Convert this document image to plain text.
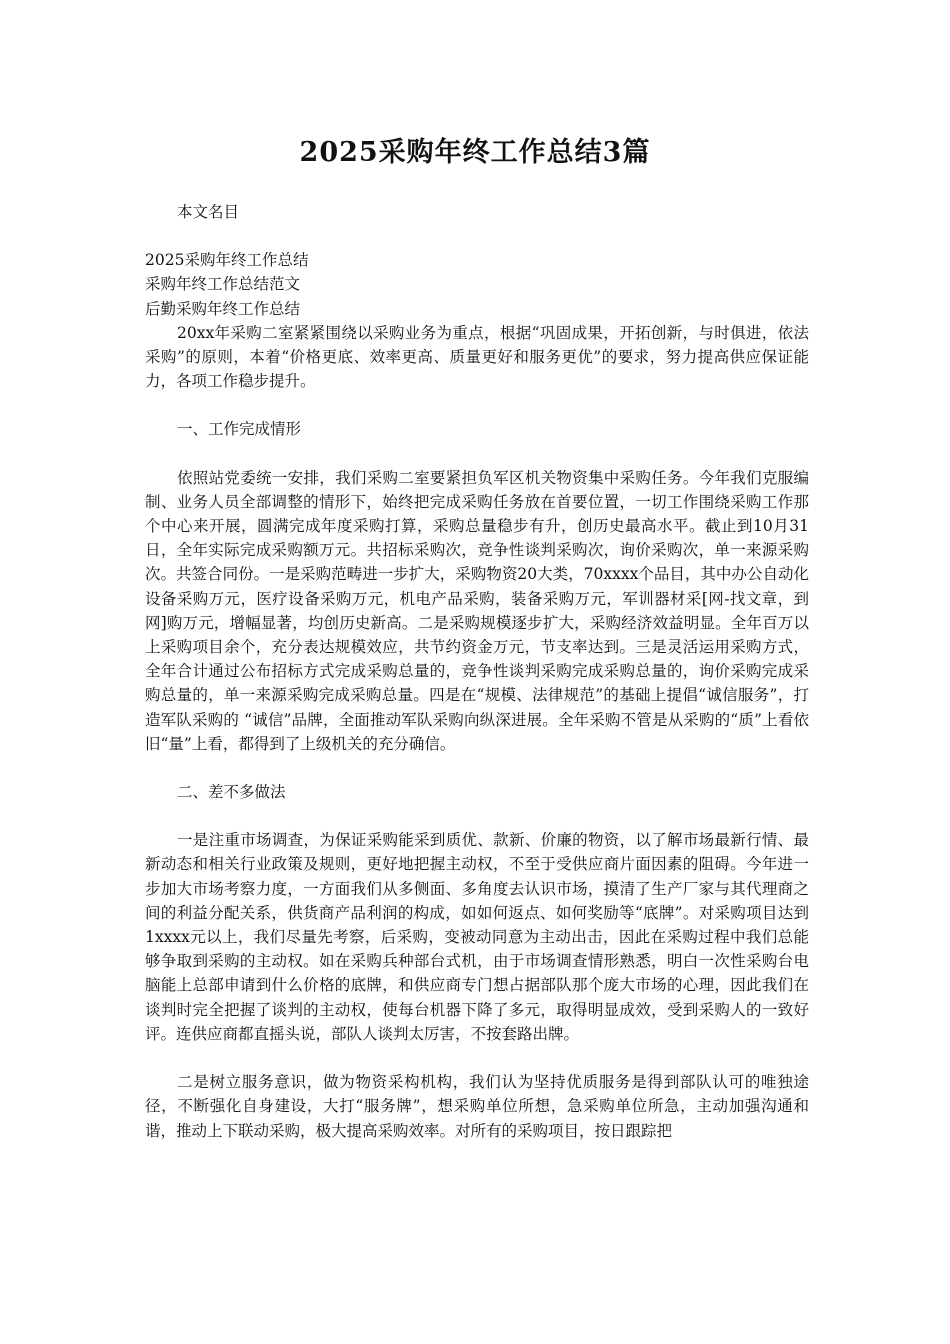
2025采购年终工作总结3篇

本文名目

2025采购年终工作总结

采购年终工作总结范文

后勤采购年终工作总结

20xx年采购二室紧紧围绕以采购业务为重点，根据“巩固成果，开拓创新，与时俱进，依法采购”的原则，本着“价格更底、效率更高、质量更好和服务更优”的要求，努力提高供应保证能力，各项工作稳步提升。

一、工作完成情形

依照站党委统一安排，我们采购二室要紧担负军区机关物资集中采购任务。今年我们克服编制、业务人员全部调整的情形下，始终把完成采购任务放在首要位置，一切工作围绕采购工作那个中心来开展，圆满完成年度采购打算，采购总量稳步有升，创历史最高水平。截止到10月31日，全年实际完成采购额万元。共招标采购次，竞争性谈判采购次，询价采购次，单一来源采购次。共签合同份。一是采购范畴进一步扩大，采购物资20大类，70xxxx个品目，其中办公自动化设备采购万元，医疗设备采购万元，机电产品采购，装备采购万元，军训器材采[网-找文章，到网]购万元，增幅显著，均创历史新高。二是采购规模逐步扩大，采购经济效益明显。全年百万以上采购项目余个，充分表达规模效应，共节约资金万元，节支率达到。三是灵活运用采购方式，全年合计通过公布招标方式完成采购总量的，竞争性谈判采购完成采购总量的，询价采购完成采购总量的，单一来源采购完成采购总量。四是在“规模、法律规范”的基础上提倡“诚信服务”，打造军队采购的 “诚信”品牌，全面推动军队采购向纵深进展。全年采购不管是从采购的“质”上看依旧“量”上看，都得到了上级机关的充分确信。

二、差不多做法

一是注重市场调查，为保证采购能采到质优、款新、价廉的物资，以了解市场最新行情、最新动态和相关行业政策及规则，更好地把握主动权，不至于受供应商片面因素的阻碍。今年进一步加大市场考察力度，一方面我们从多侧面、多角度去认识市场，摸清了生产厂家与其代理商之间的利益分配关系，供货商产品利润的构成，如如何返点、如何奖励等“底牌”。对采购项目达到1xxxx元以上，我们尽量先考察，后采购，变被动同意为主动出击，因此在采购过程中我们总能够争取到采购的主动权。如在采购兵种部台式机，由于市场调查情形熟悉，明白一次性采购台电脑能上总部申请到什么价格的底牌，和供应商专门想占据部队那个庞大市场的心理，因此我们在谈判时完全把握了谈判的主动权，使每台机器下降了多元，取得明显成效，受到采购人的一致好评。连供应商都直摇头说，部队人谈判太厉害，不按套路出牌。

二是树立服务意识，做为物资采构机构，我们认为坚持优质服务是得到部队认可的唯独途径，不断强化自身建设，大打“服务牌”，想采购单位所想，急采购单位所急，主动加强沟通和谐，推动上下联动采购，极大提高采购效率。对所有的采购项目，按日跟踪把
